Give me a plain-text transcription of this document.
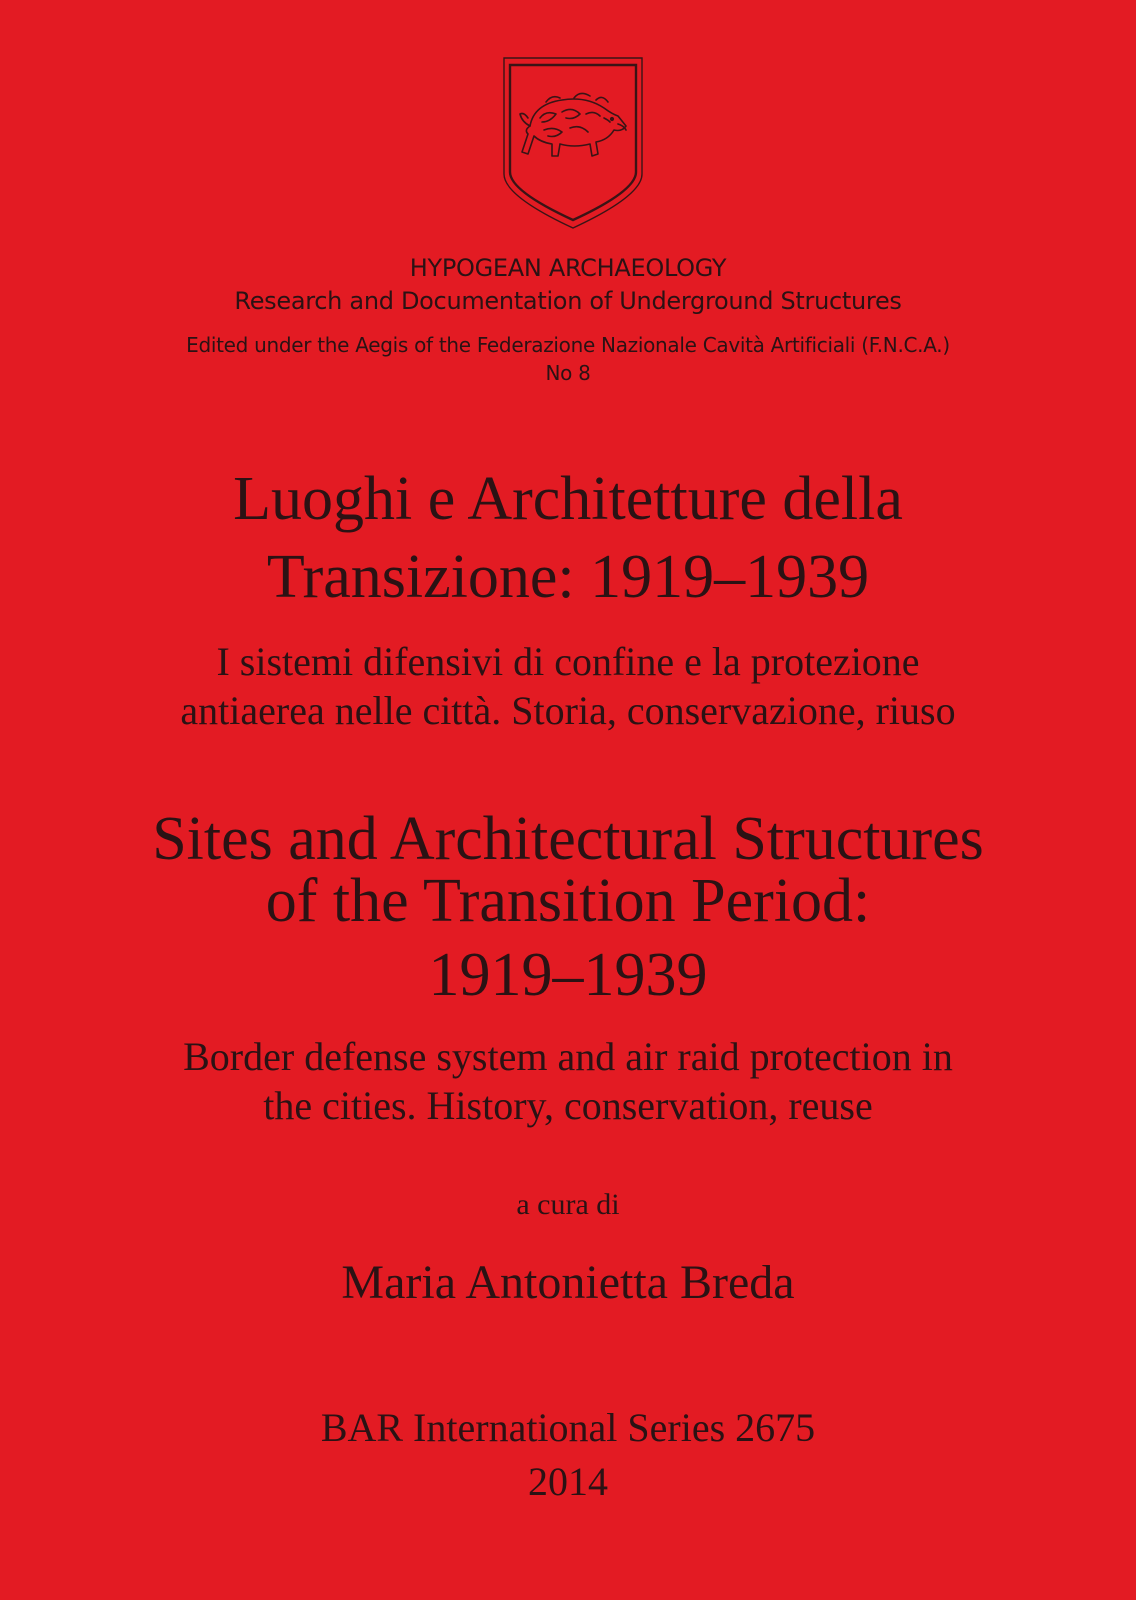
HYPOGEAN ARCHAEOLOGY
Research and Documentation of Underground Structures
Edited under the Aegis of the Federazione Nazionale Cavità Artificiali (F.N.C.A.)
No 8
Luoghi e Architetture della
Transizione: 1919–1939
I sistemi difensivi di confine e la protezione
antiaerea nelle città. Storia, conservazione, riuso
Sites and Architectural Structures
of the Transition Period:
1919–1939
Border defense system and air raid protection in
the cities. History, conservation, reuse
a cura di
Maria Antonietta Breda
BAR International Series 2675
2014
